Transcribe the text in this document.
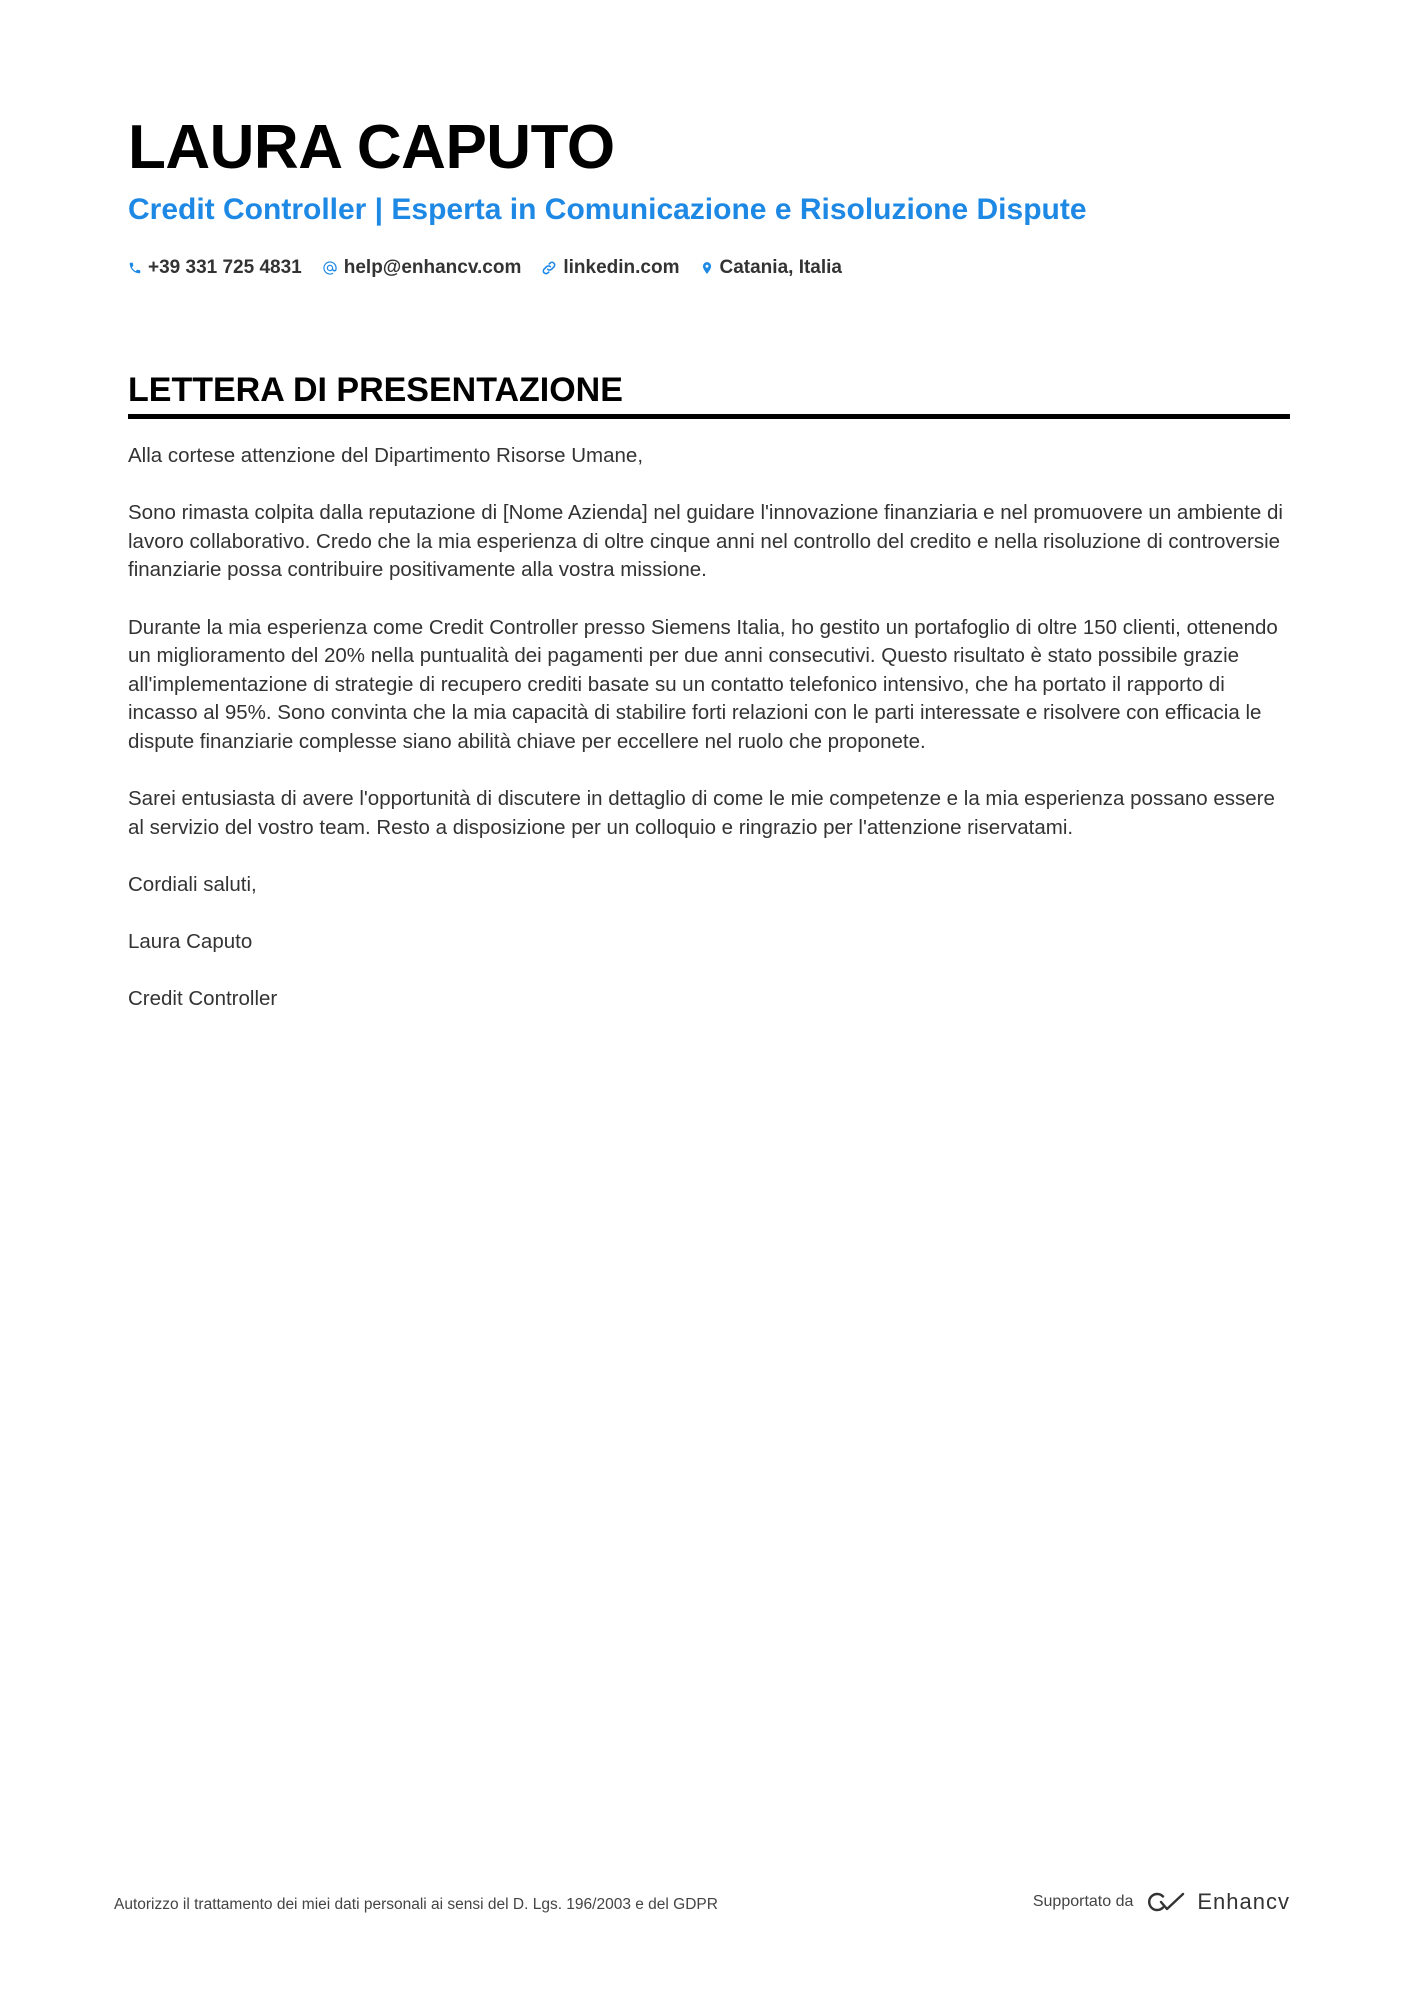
LAURA CAPUTO
Credit Controller | Esperta in Comunicazione e Risoluzione Dispute
+39 331 725 4831 help@enhancv.com linkedin.com Catania, Italia
LETTERA DI PRESENTAZIONE

Alla cortese attenzione del Dipartimento Risorse Umane,

Sono rimasta colpita dalla reputazione di [Nome Azienda] nel guidare l'innovazione finanziaria e nel promuovere un ambiente di lavoro collaborativo. Credo che la mia esperienza di oltre cinque anni nel controllo del credito e nella risoluzione di controversie finanziarie possa contribuire positivamente alla vostra missione.

Durante la mia esperienza come Credit Controller presso Siemens Italia, ho gestito un portafoglio di oltre 150 clienti, ottenendo un miglioramento del 20% nella puntualità dei pagamenti per due anni consecutivi. Questo risultato è stato possibile grazie all'implementazione di strategie di recupero crediti basate su un contatto telefonico intensivo, che ha portato il rapporto di incasso al 95%. Sono convinta che la mia capacità di stabilire forti relazioni con le parti interessate e risolvere con efficacia le dispute finanziarie complesse siano abilità chiave per eccellere nel ruolo che proponete.

Sarei entusiasta di avere l'opportunità di discutere in dettaglio di come le mie competenze e la mia esperienza possano essere al servizio del vostro team. Resto a disposizione per un colloquio e ringrazio per l'attenzione riservatami.

Cordiali saluti,

Laura Caputo

Credit Controller

Autorizzo il trattamento dei miei dati personali ai sensi del D. Lgs. 196/2003 e del GDPR	Supportato da	Enhancv
